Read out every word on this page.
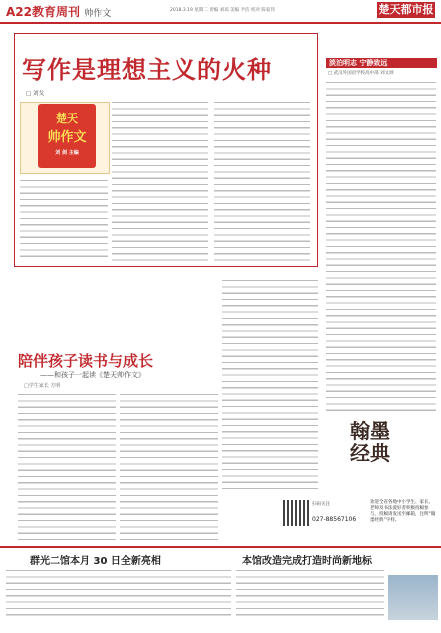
A22教育周刊 帅作文	2018.3.19 星期二 责编 刘琼 美编 尹洁 校对 陈家伟	楚天都市报
写作是理想主义的火种
□ 刘戈
楚天
帅作文
刘 剑 主编
陪伴孩子读书与成长
——和孩子一起读《楚天帅作文》
□学生家长 方明
淡泊明志 宁静致远
□ 武汉外国语学校高中部 刘文颂
翰墨
经典
欢迎全省各地中小学生、家长、老师及书法爱好者积极投稿参与，投稿请发送至邮箱，注明“翰墨经典”字样。
扫码关注
027-88567106
群光二馆本月 30 日全新亮相	本馆改造完成打造时尚新地标
